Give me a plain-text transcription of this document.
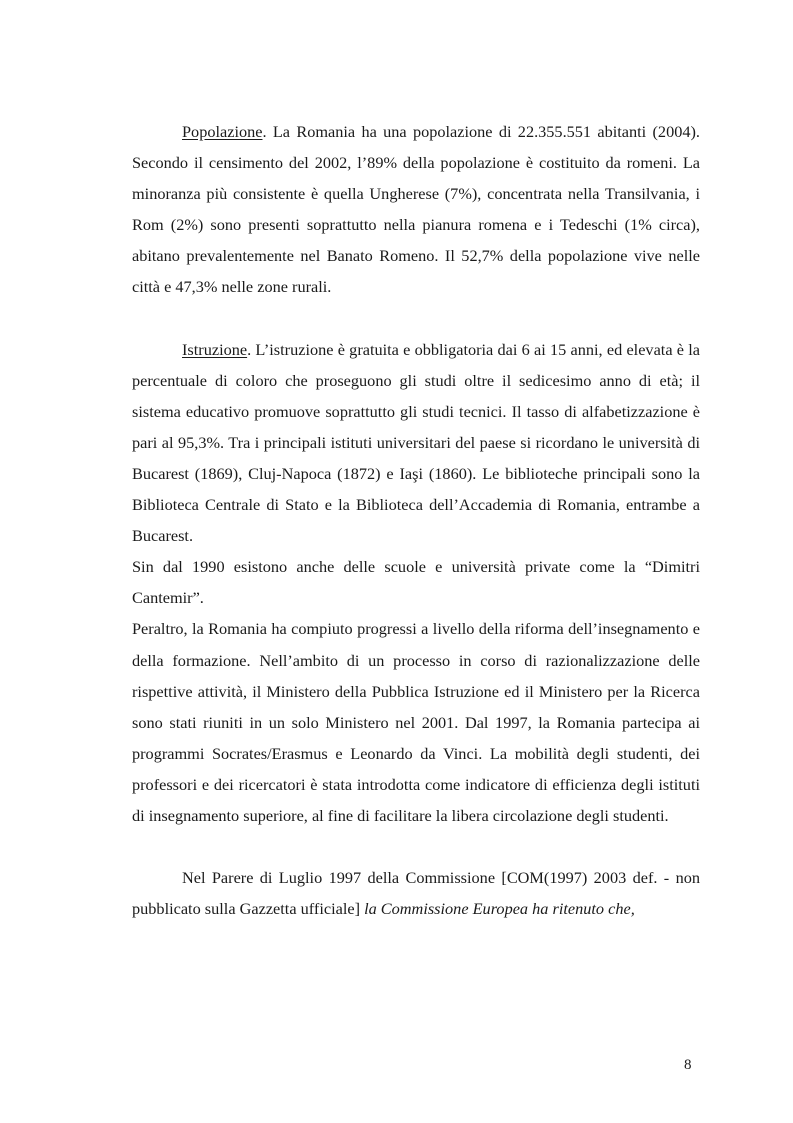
Popolazione. La Romania ha una popolazione di 22.355.551 abitanti (2004). Secondo il censimento del 2002, l’89% della popolazione è costituito da romeni. La minoranza più consistente è quella Ungherese (7%), concentrata nella Transilvania, i Rom (2%) sono presenti soprattutto nella pianura romena e i Tedeschi (1% circa), abitano prevalentemente nel Banato Romeno. Il 52,7% della popolazione vive nelle città e 47,3% nelle zone rurali.

Istruzione. L’istruzione è gratuita e obbligatoria dai 6 ai 15 anni, ed elevata è la percentuale di coloro che proseguono gli studi oltre il sedicesimo anno di età; il sistema educativo promuove soprattutto gli studi tecnici. Il tasso di alfabetizzazione è pari al 95,3%. Tra i principali istituti universitari del paese si ricordano le università di Bucarest (1869), Cluj-Napoca (1872) e Iaşi (1860). Le biblioteche principali sono la Biblioteca Centrale di Stato e la Biblioteca dell’Accademia di Romania, entrambe a Bucarest.

Sin dal 1990 esistono anche delle scuole e università private come la “Dimitri Cantemir”.

Peraltro, la Romania ha compiuto progressi a livello della riforma dell’insegnamento e della formazione. Nell’ambito di un processo in corso di razionalizzazione delle rispettive attività, il Ministero della Pubblica Istruzione ed il Ministero per la Ricerca sono stati riuniti in un solo Ministero nel 2001. Dal 1997, la Romania partecipa ai programmi Socrates/Erasmus e Leonardo da Vinci. La mobilità degli studenti, dei professori e dei ricercatori è stata introdotta come indicatore di efficienza degli istituti di insegnamento superiore, al fine di facilitare la libera circolazione degli studenti.

Nel Parere di Luglio 1997 della Commissione [COM(1997) 2003 def. - non pubblicato sulla Gazzetta ufficiale] la Commissione Europea ha ritenuto che,

8
